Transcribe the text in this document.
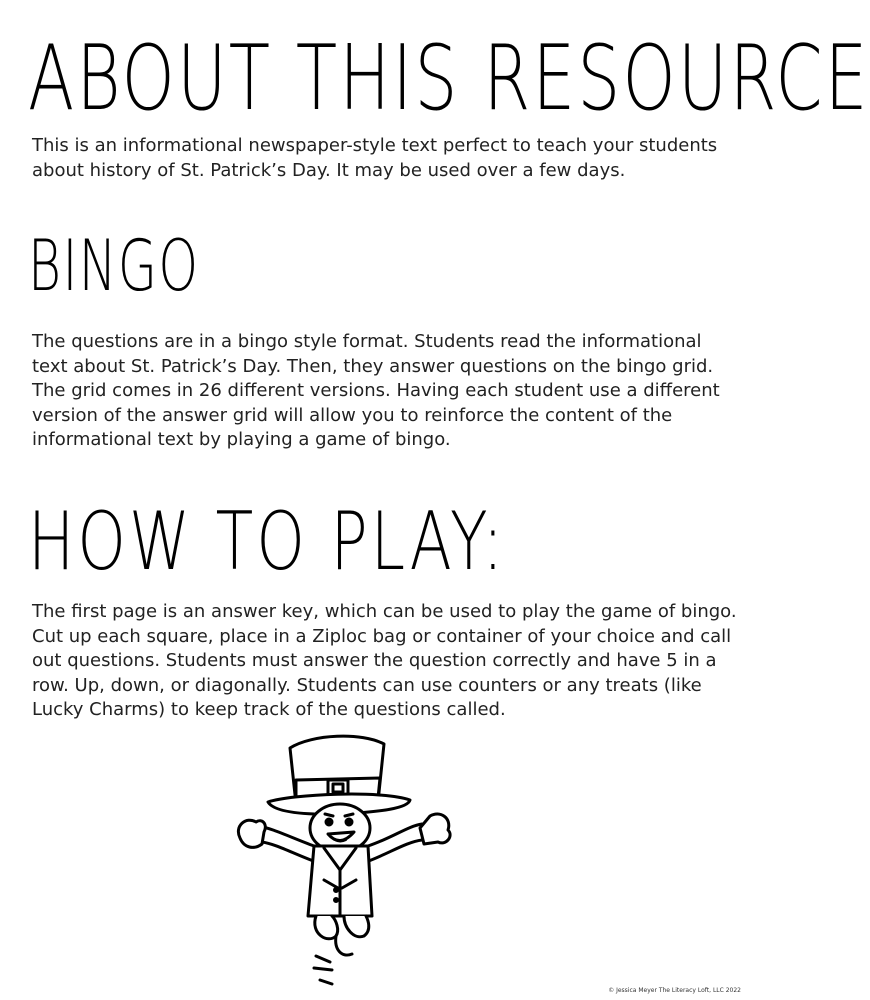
ABOUT THIS RESOURCE

This is an informational newspaper-style text perfect to teach your students about history of St. Patrick’s Day. It may be used over a few days.

BINGO

The questions are in a bingo style format. Students read the informational text about St. Patrick’s Day. Then, they answer questions on the bingo grid. The grid comes in 26 different versions. Having each student use a different version of the answer grid will allow you to reinforce the content of the informational text by playing a game of bingo.

HOW TO PLAY:

The first page is an answer key, which can be used to play the game of bingo. Cut up each square, place in a Ziploc bag or container of your choice and call out questions. Students must answer the question correctly and have 5 in a row. Up, down, or diagonally. Students can use counters or any treats (like Lucky Charms) to keep track of the questions called.

© Jessica Meyer The Literacy Loft, LLC 2022
